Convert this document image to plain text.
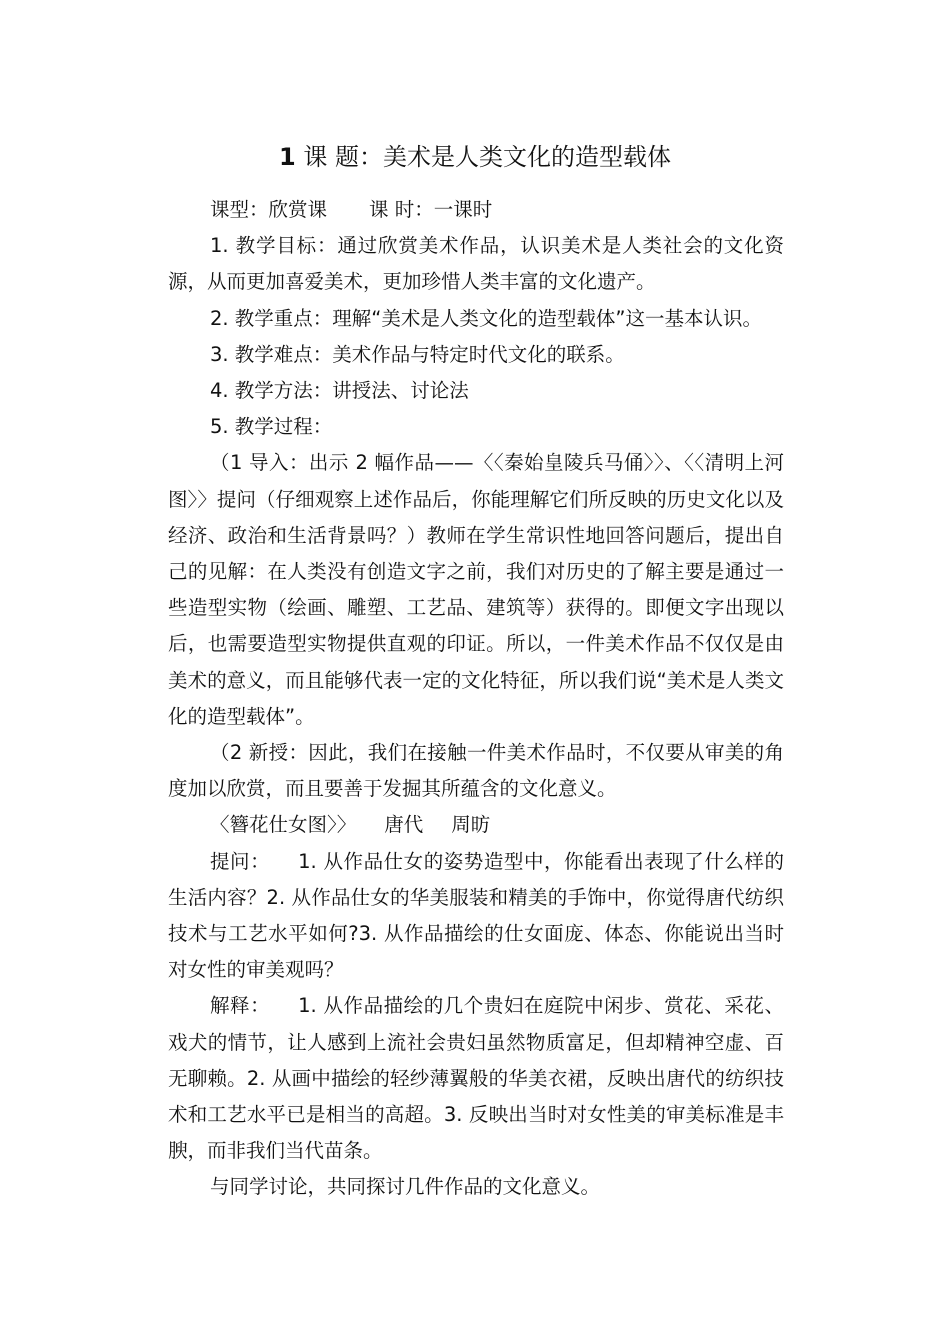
1 课 题：美术是人类文化的造型载体

课型：欣赏课 课 时：一课时

1. 教学目标：通过欣赏美术作品，认识美术是人类社会的文化资源，从而更加喜爱美术，更加珍惜人类丰富的文化遗产。

2. 教学重点：理解“美术是人类文化的造型载体”这一基本认识。

3. 教学难点：美术作品与特定时代文化的联系。

4. 教学方法：讲授法、讨论法

5. 教学过程：

（1 导入：出示 2 幅作品——〈〈秦始皇陵兵马俑〉〉、〈〈清明上河图〉〉提问（仔细观察上述作品后，你能理解它们所反映的历史文化以及经济、政治和生活背景吗？）教师在学生常识性地回答问题后，提出自己的见解：在人类没有创造文字之前，我们对历史的了解主要是通过一些造型实物（绘画、雕塑、工艺品、建筑等）获得的。即便文字出现以后，也需要造型实物提供直观的印证。所以，一件美术作品不仅仅是由美术的意义，而且能够代表一定的文化特征，所以我们说“美术是人类文化的造型载体”。

（2 新授：因此，我们在接触一件美术作品时，不仅要从审美的角度加以欣赏，而且要善于发掘其所蕴含的文化意义。

〈簪花仕女图〉〉 唐代 周昉

提问： 1. 从作品仕女的姿势造型中，你能看出表现了什么样的生活内容？2. 从作品仕女的华美服装和精美的手饰中，你觉得唐代纺织技术与工艺水平如何?3. 从作品描绘的仕女面庞、体态、你能说出当时对女性的审美观吗？

解释： 1. 从作品描绘的几个贵妇在庭院中闲步、赏花、采花、戏犬的情节，让人感到上流社会贵妇虽然物质富足，但却精神空虚、百无聊赖。2. 从画中描绘的轻纱薄翼般的华美衣裙，反映出唐代的纺织技术和工艺水平已是相当的高超。3. 反映出当时对女性美的审美标准是丰腴，而非我们当代苗条。

与同学讨论，共同探讨几件作品的文化意义。
